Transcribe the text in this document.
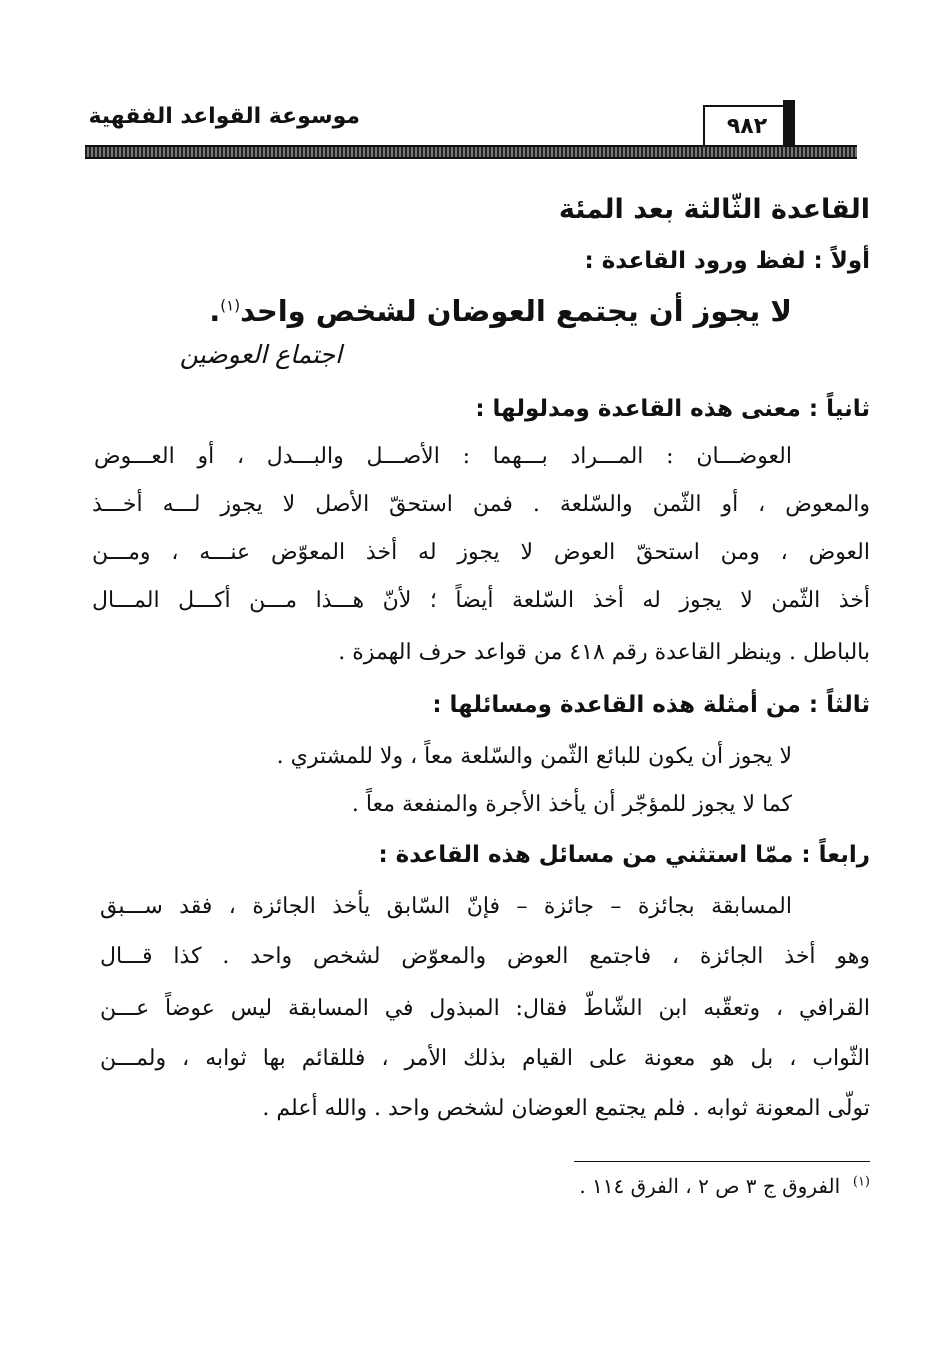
موسوعة القواعد الفقهية	٩٨٢
القاعدة الثّالثة بعد المئة
أولاً : لفظ ورود القاعدة :
لا يجوز أن يجتمع العوضان لشخص واحد$^{(١)}$.
اجتماع العوضين
ثانياً : معنى هذه القاعدة ومدلولها :
العوضـــان : المـــراد بـــهما : الأصـــل والبـــدل ، أو العـــوض
والمعوض ، أو الثّمن والسّلعة . فمن استحقّ الأصل لا يجوز لـــه أخـــذ
العوض ، ومن استحقّ العوض لا يجوز له أخذ المعوّض عنـــه ، ومـــن
أخذ الثّمن لا يجوز له أخذ السّلعة أيضاً ؛ لأنّ هـــذا مـــن أكـــل المـــال
بالباطل . وينظر القاعدة رقم ٤١٨ من قواعد حرف الهمزة .
ثالثاً : من أمثلة هذه القاعدة ومسائلها :
لا يجوز أن يكون للبائع الثّمن والسّلعة معاً ، ولا للمشتري .
كما لا يجوز للمؤجّر أن يأخذ الأجرة والمنفعة معاً .
رابعاً : ممّا استثني من مسائل هذه القاعدة :
المسابقة بجائزة – جائزة – فإنّ السّابق يأخذ الجائزة ، فقد ســـبق
وهو أخذ الجائزة ، فاجتمع العوض والمعوّض لشخص واحد . كذا قـــال
القرافي ، وتعقّبه ابن الشّاطّ فقال: المبذول في المسابقة ليس عوضاً عـــن
الثّواب ، بل هو معونة على القيام بذلك الأمر ، فللقائم بها ثوابه ، ولمـــن
تولّى المعونة ثوابه . فلم يجتمع العوضان لشخص واحد . والله أعلم .
$^{(١)}$  الفروق ج ٣ ص ٢ ، الفرق ١١٤ .
